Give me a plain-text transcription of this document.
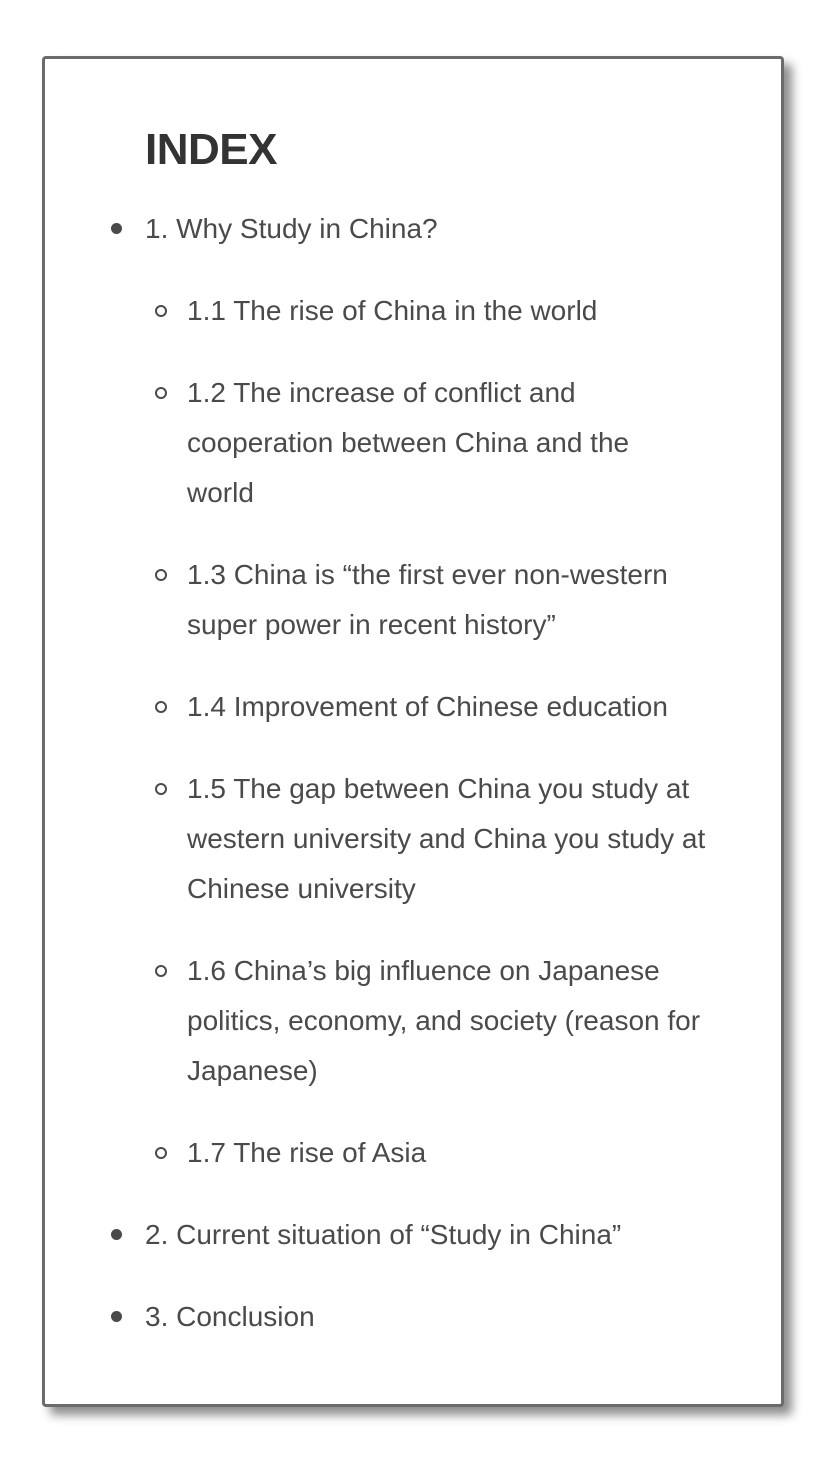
INDEX

1. Why Study in China?

1.1 The rise of China in the world

1.2 The increase of conflict and cooperation between China and the world

1.3 China is “the first ever non-western super power in recent history”

1.4 Improvement of Chinese education

1.5 The gap between China you study at western university and China you study at Chinese university

1.6 China’s big influence on Japanese politics, economy, and society (reason for Japanese)

1.7 The rise of Asia

2. Current situation of “Study in China”

3. Conclusion
